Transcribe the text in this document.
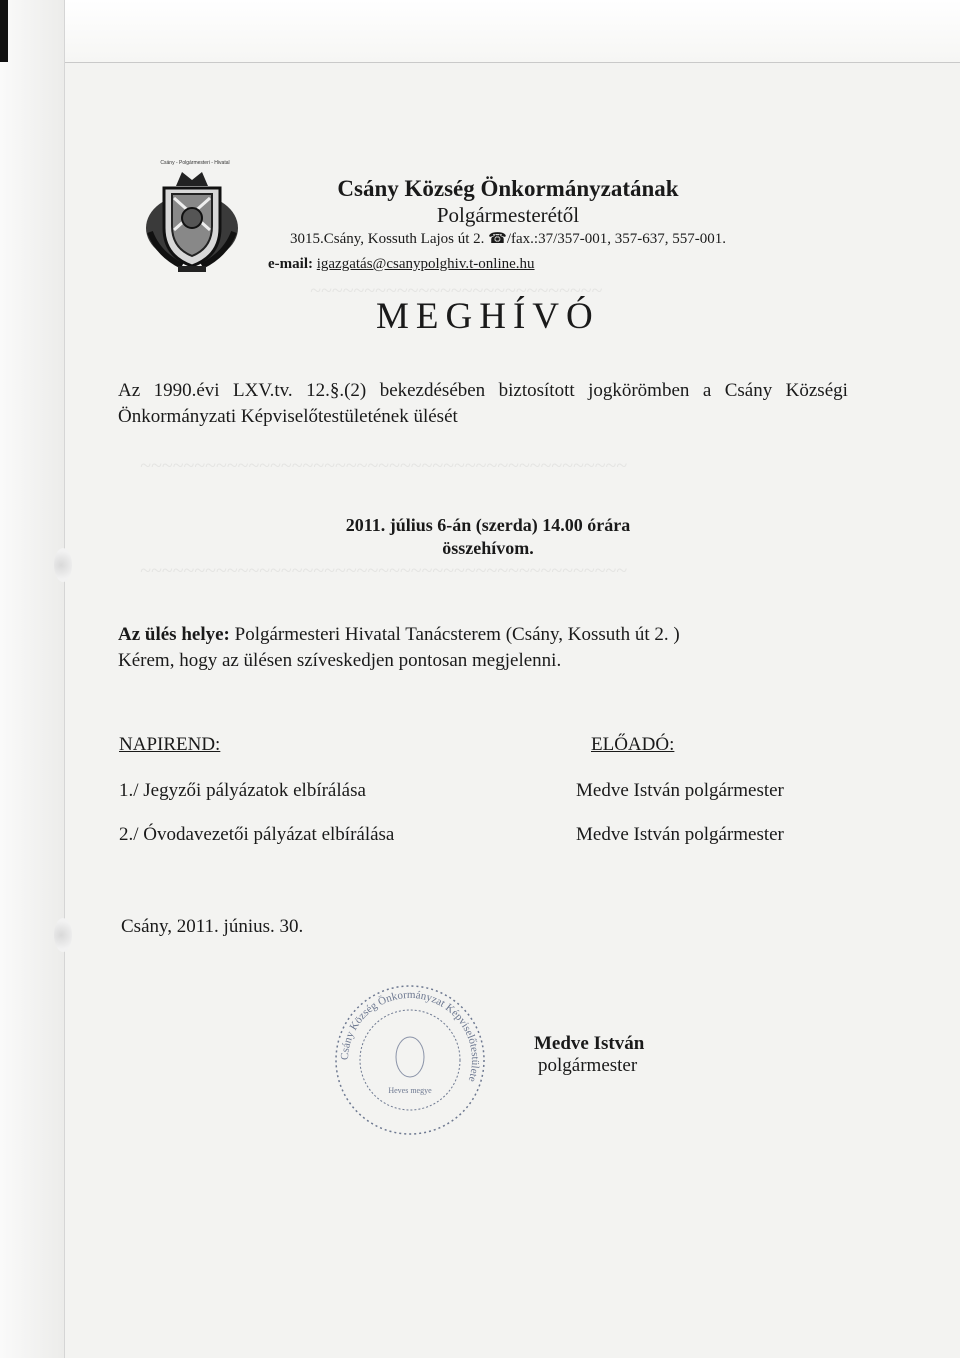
~~~~~~~~~~~~~~~~~~~~~~~~~~~
~~~~~~~~~~~~~~~~~~~~~~~~~~~~~~~~~~~~~~~~~~~~~
~~~~~~~~~~~~~~~~~~~~~~~~~~~~~~~~~~~~~~~~~~~~~
Csány - Polgármesteri - Hivatal
Csány Község Önkormányzatának
Polgármesterétől
3015.Csány, Kossuth Lajos út 2. ☎/fax.:37/357-001, 357-637, 557-001.
e-mail: igazgatás@csanypolghiv.t-online.hu
MEGHÍVÓ
Az 1990.évi LXV.tv. 12.§.(2) bekezdésében biztosított jogkörömben a Csány Községi
Önkormányzati Képviselőtestületének ülését
2011. július 6-án (szerda) 14.00 órára
összehívom.
Az ülés helye: Polgármesteri Hivatal Tanácsterem (Csány, Kossuth út 2. )
Kérem, hogy az ülésen szíveskedjen pontosan megjelenni.
NAPIREND:	ELŐADÓ:
1./ Jegyzői pályázatok elbírálása	Medve István polgármester
2./ Óvodavezetői pályázat elbírálása	Medve István polgármester
Csány, 2011. június. 30.
Csány Község Önkormányzat Képviselőtestülete
Heves megye
Medve István
polgármester
